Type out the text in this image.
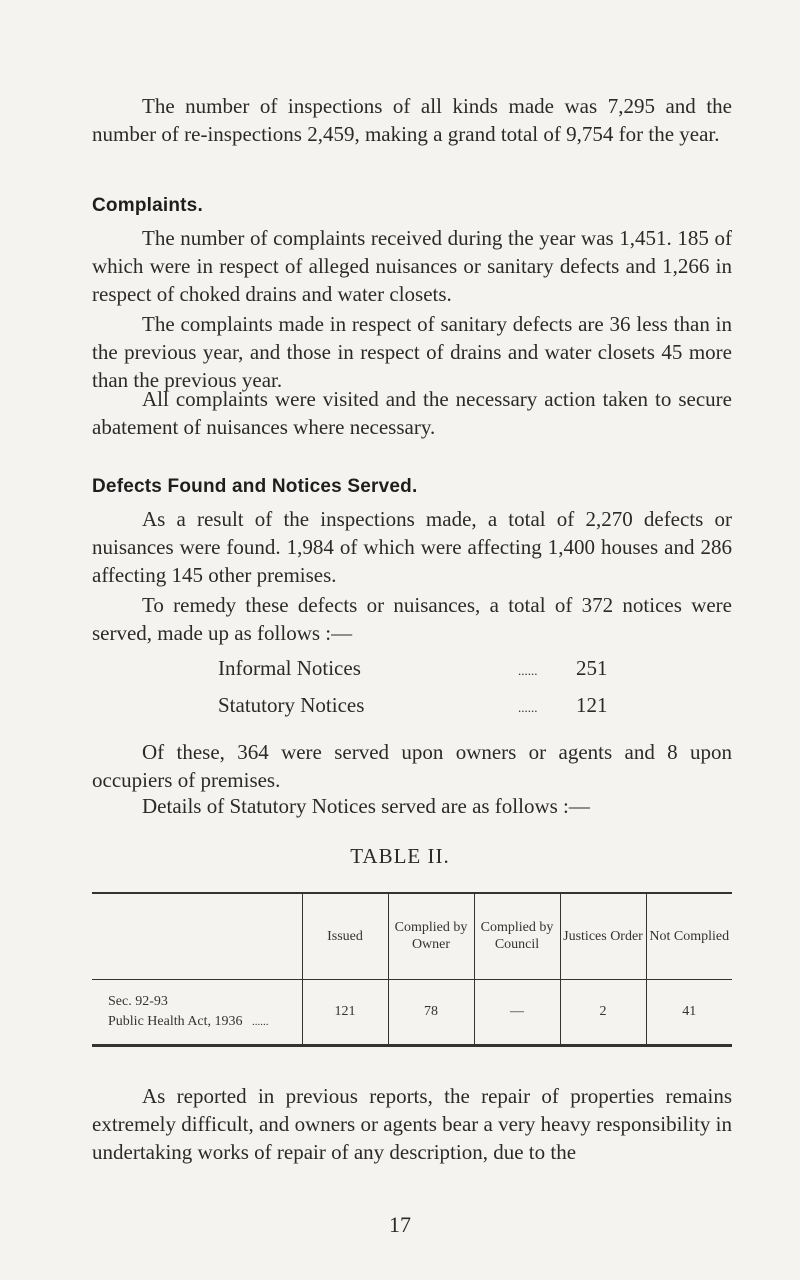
The number of inspections of all kinds made was 7,295 and the number of re-inspections 2,459, making a grand total of 9,754 for the year.

Complaints.

The number of complaints received during the year was 1,451. 185 of which were in respect of alleged nuisances or sanitary defects and 1,266 in respect of choked drains and water closets.

The complaints made in respect of sanitary defects are 36 less than in the previous year, and those in respect of drains and water closets 45 more than the previous year.

All complaints were visited and the necessary action taken to secure abatement of nuisances where necessary.

Defects Found and Notices Served.

As a result of the inspections made, a total of 2,270 defects or nuisances were found. 1,984 of which were affecting 1,400 houses and 286 affecting 145 other premises.

To remedy these defects or nuisances, a total of 372 notices were served, made up as follows :—

Informal Notices	...... 251
Statutory Notices	...... 121

Of these, 364 were served upon owners or agents and 8 upon occupiers of premises.

Details of Statutory Notices served are as follows :—

TABLE II.
	Issued	Complied by Owner	Complied by Council	Justices Order	Not Complied

Sec. 92-93
Public Health Act, 1936 ......	121	78	—	2	41

As reported in previous reports, the repair of properties remains extremely difficult, and owners or agents bear a very heavy responsibility in undertaking works of repair of any description, due to the

17
